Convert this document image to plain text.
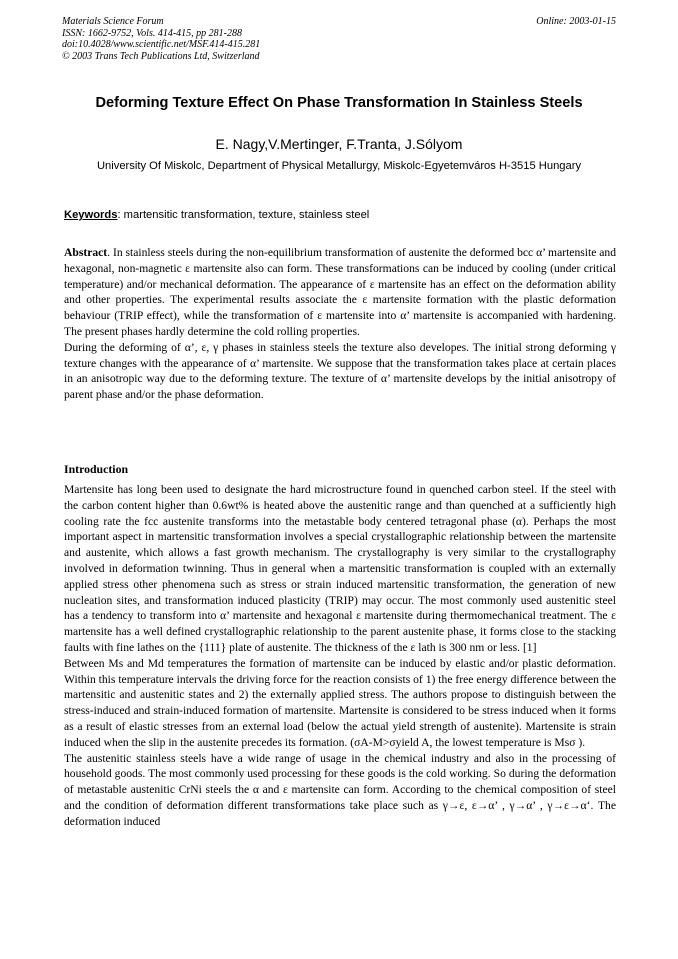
Materials Science Forum
ISSN: 1662-9752, Vols. 414-415, pp 281-288
doi:10.4028/www.scientific.net/MSF.414-415.281
© 2003 Trans Tech Publications Ltd, Switzerland
Online: 2003-01-15
Deforming Texture Effect On Phase Transformation In Stainless Steels
E. Nagy,V.Mertinger, F.Tranta, J.Sólyom
University Of Miskolc, Department of Physical Metallurgy, Miskolc-Egyetemváros H-3515 Hungary
Keywords: martensitic transformation, texture, stainless steel

Abstract. In stainless steels during the non-equilibrium transformation of austenite the deformed bcc α’ martensite and hexagonal, non-magnetic ε martensite also can form. These transformations can be induced by cooling (under critical temperature) and/or mechanical deformation. The appearance of ε martensite has an effect on the deformation ability and other properties. The experimental results associate the ε martensite formation with the plastic deformation behaviour (TRIP effect), while the transformation of ε martensite into α’ martensite is accompanied with hardening. The present phases hardly determine the cold rolling properties.

During the deforming of α’, ε, γ phases in stainless steels the texture also developes. The initial strong deforming γ texture changes with the appearance of α’ martensite. We suppose that the transformation takes place at certain places in an anisotropic way due to the deforming texture. The texture of α’ martensite develops by the initial anisotropy of parent phase and/or the phase deformation.

Introduction

Martensite has long been used to designate the hard microstructure found in quenched carbon steel. If the steel with the carbon content higher than 0.6wt% is heated above the austenitic range and than quenched at a sufficiently high cooling rate the fcc austenite transforms into the metastable body centered tetragonal phase (α). Perhaps the most important aspect in martensitic transformation involves a special crystallographic relationship between the martensite and austenite, which allows a fast growth mechanism. The crystallography is very similar to the crystallography involved in deformation twinning. Thus in general when a martensitic transformation is coupled with an externally applied stress other phenomena such as stress or strain induced martensitic transformation, the generation of new nucleation sites, and transformation induced plasticity (TRIP) may occur. The most commonly used austenitic steel has a tendency to transform into α’ martensite and hexagonal ε martensite during thermomechanical treatment. The ε martensite has a well defined crystallographic relationship to the parent austenite phase, it forms close to the stacking faults with fine lathes on the {111} plate of austenite. The thickness of the ε lath is 300 nm or less. [1]

Between Ms and Md temperatures the formation of martensite can be induced by elastic and/or plastic deformation. Within this temperature intervals the driving force for the reaction consists of 1) the free energy difference between the martensitic and austenitic states and 2) the externally applied stress. The authors propose to distinguish between the stress-induced and strain-induced formation of martensite. Martensite is considered to be stress induced when it forms as a result of elastic stresses from an external load (below the actual yield strength of austenite). Martensite is strain induced when the slip in the austenite precedes its formation. (σA-M>σyield A, the lowest temperature is Msσ ).

The austenitic stainless steels have a wide range of usage in the chemical industry and also in the processing of household goods. The most commonly used processing for these goods is the cold working. So during the deformation of metastable austenitic CrNi steels the α and ε martensite can form. According to the chemical composition of steel and the condition of deformation different transformations take place such as γ→ε, ε→α’ , γ→α’ , γ→ε→α‘. The deformation induced
